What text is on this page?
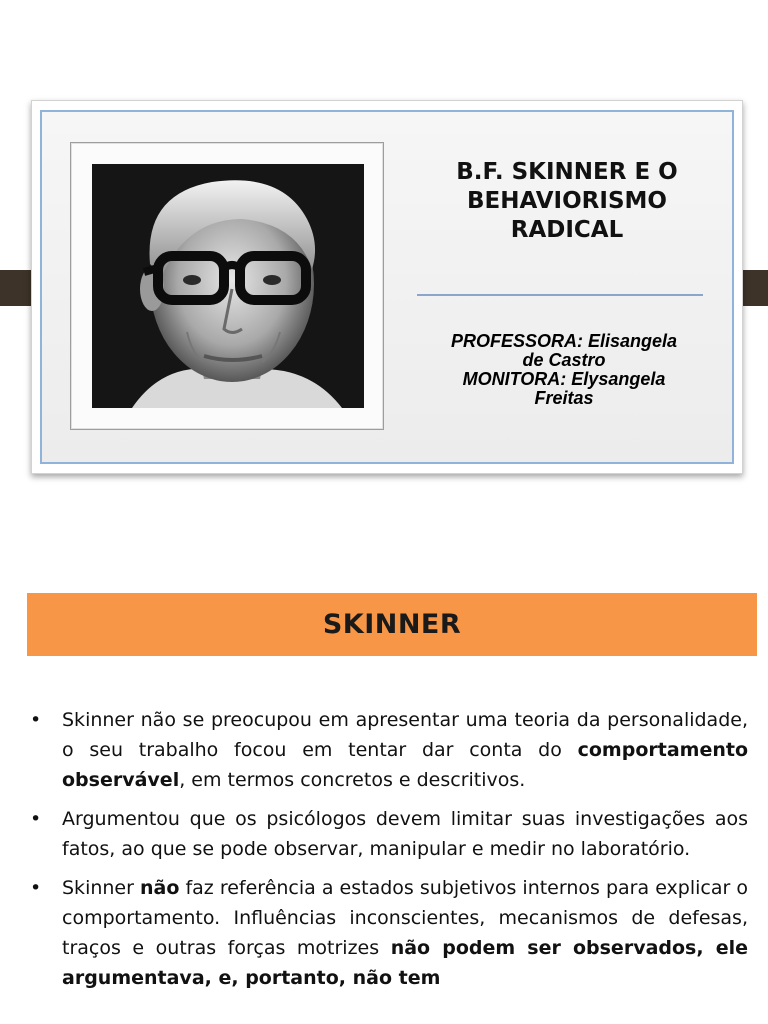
B.F. SKINNER E O
BEHAVIORISMO
RADICAL
PROFESSORA: Elisangela
de Castro
MONITORA: Elysangela
Freitas
SKINNER
• Skinner não se preocupou em apresentar uma teoria da personalidade, o seu trabalho focou em tentar dar conta do comportamento observável, em termos concretos e descritivos.
• Argumentou que os psicólogos devem limitar suas investigações aos fatos, ao que se pode observar, manipular e medir no laboratório.
• Skinner não faz referência a estados subjetivos internos para explicar o comportamento. Influências inconscientes, mecanismos de defesas, traços e outras forças motrizes não podem ser observados, ele argumentava, e, portanto, não tem
